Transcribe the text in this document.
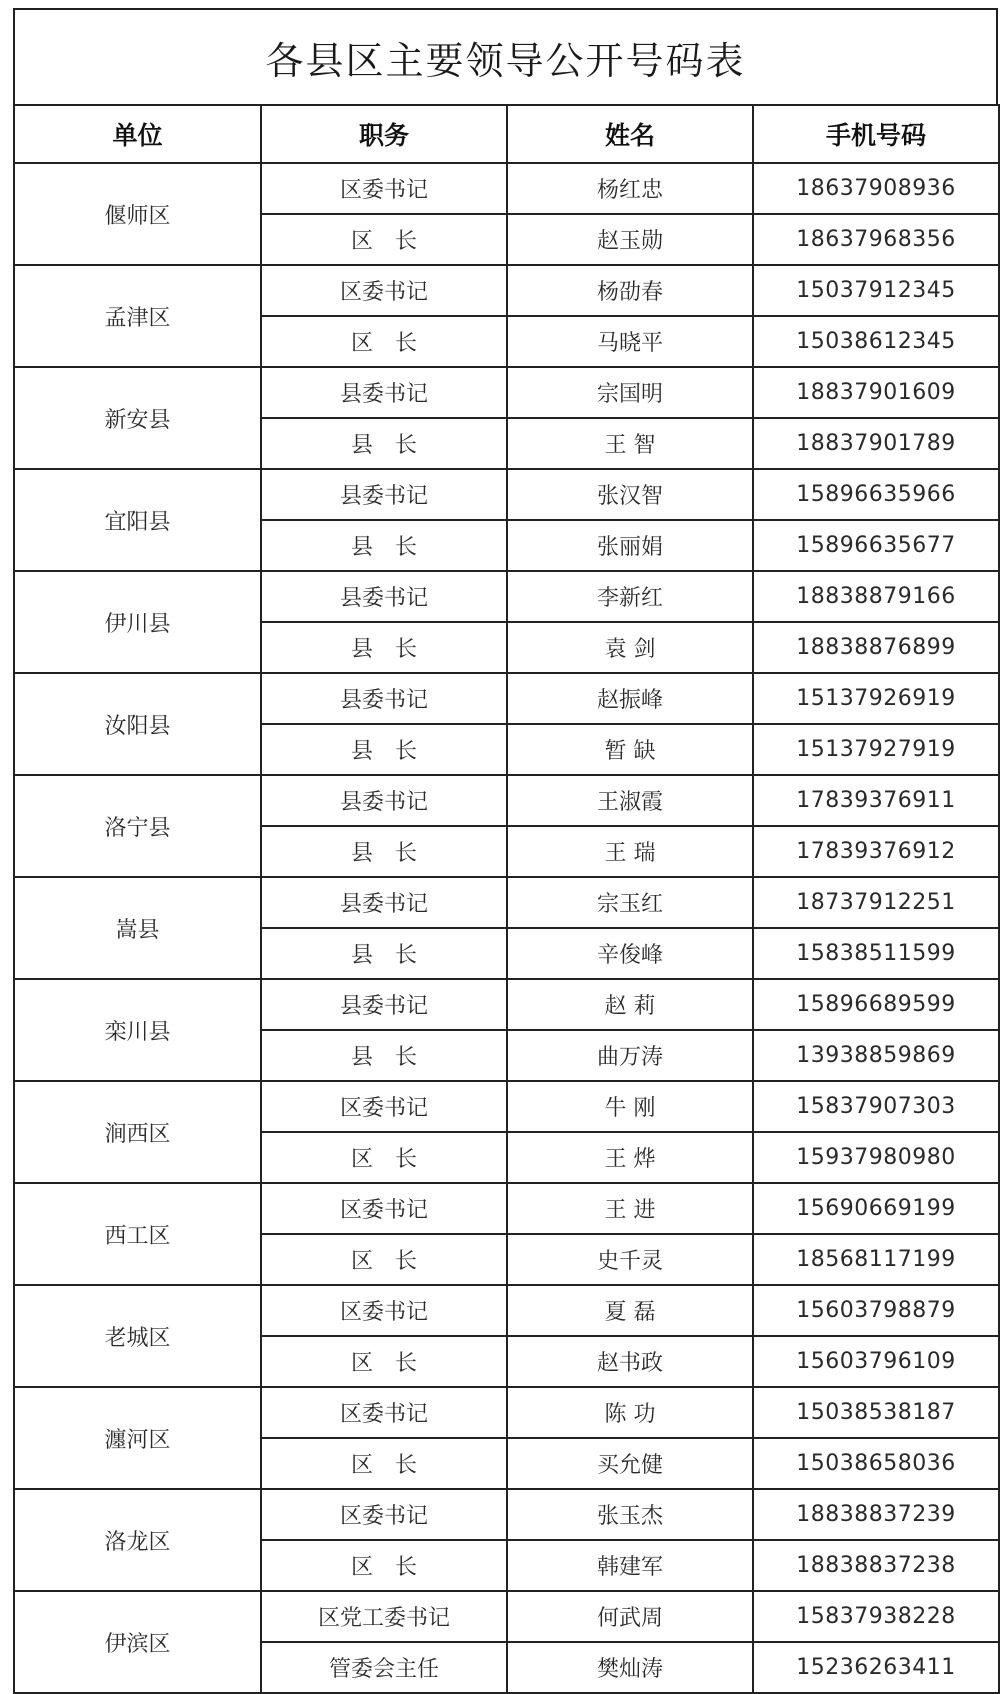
各县区主要领导公开号码表
单位	职务	姓名	手机号码
偃师区	区委书记	杨红忠	18637908936
	区　长	赵玉勋	18637968356
孟津区	区委书记	杨劭春	15037912345
	区　长	马晓平	15038612345
新安县	县委书记	宗国明	18837901609
	县　长	王 智	18837901789
宜阳县	县委书记	张汉智	15896635966
	县　长	张丽娟	15896635677
伊川县	县委书记	李新红	18838879166
	县　长	袁 剑	18838876899
汝阳县	县委书记	赵振峰	15137926919
	县　长	暂 缺	15137927919
洛宁县	县委书记	王淑霞	17839376911
	县　长	王 瑞	17839376912
嵩县	县委书记	宗玉红	18737912251
	县　长	辛俊峰	15838511599
栾川县	县委书记	赵 莉	15896689599
	县　长	曲万涛	13938859869
涧西区	区委书记	牛 刚	15837907303
	区　长	王 烨	15937980980
西工区	区委书记	王 进	15690669199
	区　长	史千灵	18568117199
老城区	区委书记	夏 磊	15603798879
	区　长	赵书政	15603796109
瀍河区	区委书记	陈 功	15038538187
	区　长	买允健	15038658036
洛龙区	区委书记	张玉杰	18838837239
	区　长	韩建军	18838837238
伊滨区	区党工委书记	何武周	15837938228
	管委会主任	樊灿涛	15236263411
